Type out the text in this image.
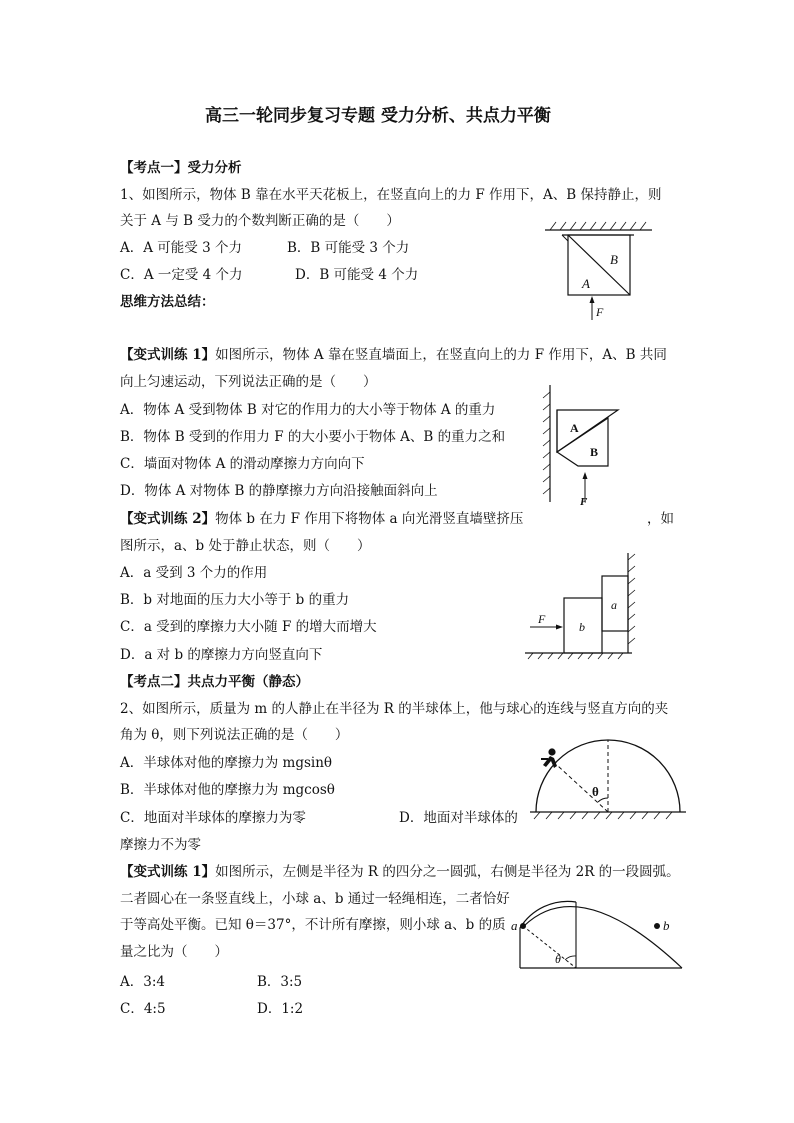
高三一轮同步复习专题 受力分析、共点力平衡
【考点一】受力分析
1、如图所示，物体 B 靠在水平天花板上，在竖直向上的力 F 作用下，A、B 保持静止，则
关于 A 与 B 受力的个数判断正确的是（　　）
A．A 可能受 3 个力	B．B 可能受 3 个力
C．A 一定受 4 个力	D．B 可能受 4 个力
思维方法总结：
B
A
F
【变式训练 1】如图所示，物体 A 靠在竖直墙面上，在竖直向上的力 F 作用下，A、B 共同
向上匀速运动，下列说法正确的是（　　）
A．物体 A 受到物体 B 对它的作用力的大小等于物体 A 的重力
B．物体 B 受到的作用力 F 的大小要小于物体 A、B 的重力之和
C．墙面对物体 A 的滑动摩擦力方向向下
D．物体 A 对物体 B 的静摩擦力方向沿接触面斜向上
A
B
F
【变式训练 2】物体 b 在力 F 作用下将物体 a 向光滑竖直墙壁挤压	，如
图所示，a、b 处于静止状态，则（　　）
A．a 受到 3 个力的作用
B．b 对地面的压力大小等于 b 的重力
C．a 受到的摩擦力大小随 F 的增大而增大
D．a 对 b 的摩擦力方向竖直向下
b
a
F
【考点二】共点力平衡（静态）
2、如图所示，质量为 m 的人静止在半径为 R 的半球体上，他与球心的连线与竖直方向的夹
角为 θ，则下列说法正确的是（　　）
A．半球体对他的摩擦力为 mgsinθ
B．半球体对他的摩擦力为 mgcosθ
C．地面对半球体的摩擦力为零	D．地面对半球体的
摩擦力不为零
θ
【变式训练 1】如图所示，左侧是半径为 R 的四分之一圆弧，右侧是半径为 2R 的一段圆弧。
二者圆心在一条竖直线上，小球 a、b 通过一轻绳相连，二者恰好
于等高处平衡。已知 θ＝37°，不计所有摩擦，则小球 a、b 的质
量之比为（　　）
A．3:4	B．3:5
C．4:5	D．1:2
a	b
θ
